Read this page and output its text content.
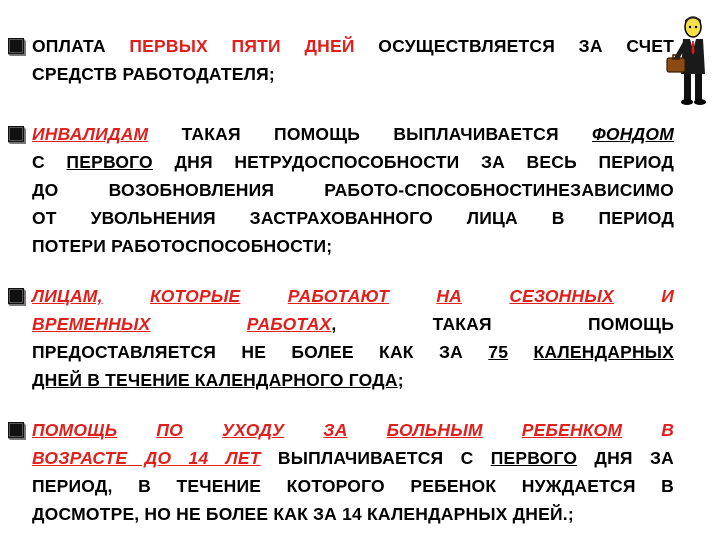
ОПЛАТА ПЕРВЫХ ПЯТИ ДНЕЙ ОСУЩЕСТВЛЯЕТСЯ ЗА СЧЕТ
СРЕДСТВ РАБОТОДАТЕЛЯ;
ИНВАЛИДАМ ТАКАЯ ПОМОЩЬ ВЫПЛАЧИВАЕТСЯ ФОНДОМ
С ПЕРВОГО ДНЯ НЕТРУДОСПОСОБНОСТИ ЗА ВЕСЬ ПЕРИОД
ДО ВОЗОБНОВЛЕНИЯ РАБОТО-СПОСОБНОСТИНЕЗАВИСИМО
ОТ УВОЛЬНЕНИЯ ЗАСТРАХОВАННОГО ЛИЦА В ПЕРИОД
ПОТЕРИ РАБОТОСПОСОБНОСТИ;
ЛИЦАМ,	КОТОРЫЕ	РАБОТАЮТ	НА	СЕЗОННЫХ	И
ВРЕМЕННЫХ	РАБОТАХ, ТАКАЯ ПОМОЩЬ
ПРЕДОСТАВЛЯЕТСЯ НЕ БОЛЕЕ КАК ЗА 75 КАЛЕНДАРНЫХ
ДНЕЙ В ТЕЧЕНИЕ КАЛЕНДАРНОГО ГОДА;
ПОМОЩЬ ПО УХОДУ ЗА БОЛЬНЫМ РЕБЕНКОМ В
ВОЗРАСТЕ ДО 14 ЛЕТ ВЫПЛАЧИВАЕТСЯ С ПЕРВОГО ДНЯ ЗА
ПЕРИОД, В ТЕЧЕНИЕ КОТОРОГО РЕБЕНОК НУЖДАЕТСЯ В
ДОСМОТРЕ, НО НЕ БОЛЕЕ КАК ЗА 14 КАЛЕНДАРНЫХ ДНЕЙ.;
